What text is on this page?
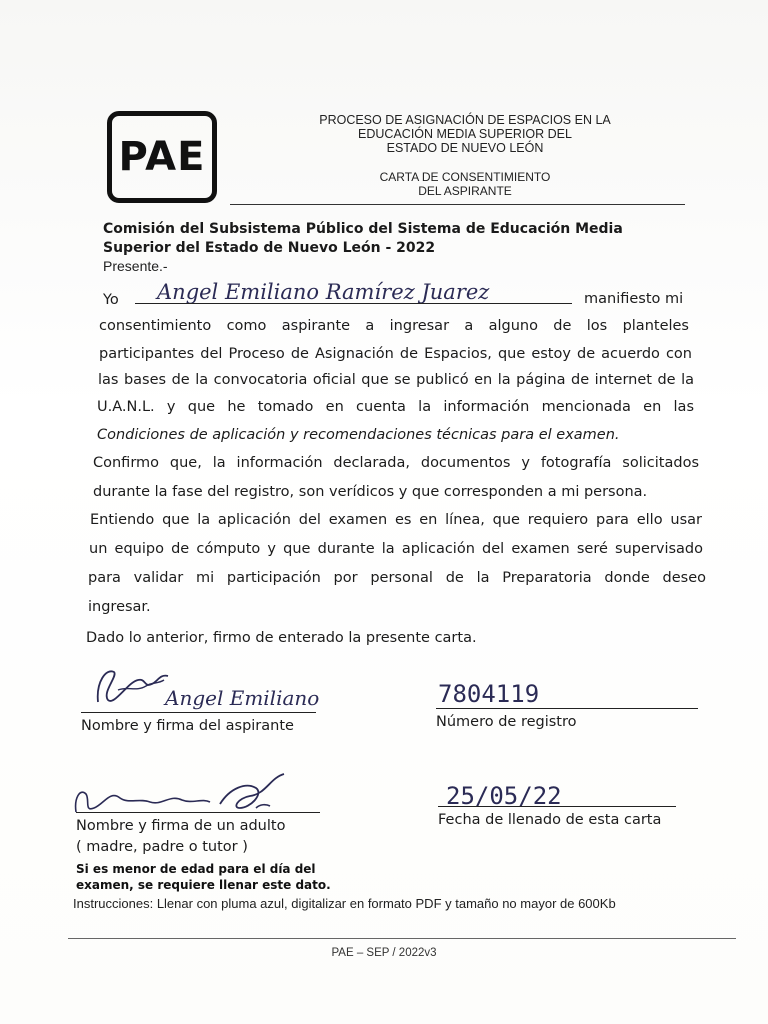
PAE
PROCESO DE ASIGNACIÓN DE ESPACIOS EN LA
EDUCACIÓN MEDIA SUPERIOR DEL
ESTADO DE NUEVO LEÓN
CARTA DE CONSENTIMIENTO
DEL ASPIRANTE
Comisión del Subsistema Público del Sistema de Educación Media
Superior del Estado de Nuevo León - 2022
Presente.-
Yo Angel Emiliano Ramírez Juarez	manifiesto mi
consentimiento como aspirante a ingresar a alguno de los planteles
participantes del Proceso de Asignación de Espacios, que estoy de acuerdo con
las bases de la convocatoria oficial que se publicó en la página de internet de la
U.A.N.L. y que he tomado en cuenta la información mencionada en las
Condiciones de aplicación y recomendaciones técnicas para el examen.
Confirmo que, la información declarada, documentos y fotografía solicitados
durante la fase del registro, son verídicos y que corresponden a mi persona.
Entiendo que la aplicación del examen es en línea, que requiero para ello usar
un equipo de cómputo y que durante la aplicación del examen seré supervisado
para validar mi participación por personal de la Preparatoria donde deseo
ingresar.
Dado lo anterior, firmo de enterado la presente carta.
Angel Emiliano
Nombre y firma del aspirante
7804119
Número de registro
Nombre y firma de un adulto
( madre, padre o tutor )
Si es menor de edad para el día del
examen, se requiere llenar este dato.
25/05/22
Fecha de llenado de esta carta
Instrucciones: Llenar con pluma azul, digitalizar en formato PDF y tamaño no mayor de 600Kb
PAE – SEP / 2022v3
